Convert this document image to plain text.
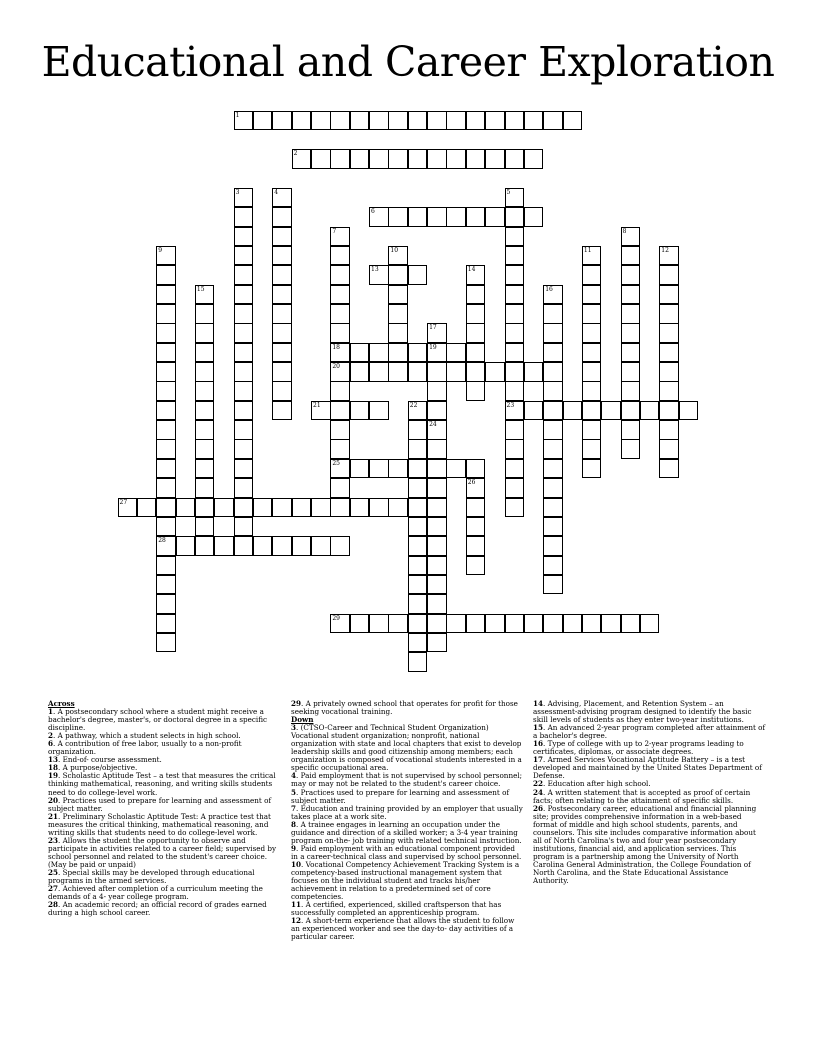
Educational and Career Exploration
1
2
3	4	5
23
6
7
18
20
25
8
9
28
10	11	12
13	14
15	16
17
19
21	22
24
26
27
29
Across
1. A postsecondary school where a student might receive a bachelor's degree, master's, or doctoral degree in a specific discipline.
2. A pathway, which a student selects in high school.
6. A contribution of free labor, usually to a non-profit organization.
13. End-of- course assessment.
18. A purpose/objective.
19. Scholastic Aptitude Test – a test that measures the critical thinking mathematical, reasoning, and writing skills students need to do college-level work.
20. Practices used to prepare for learning and assessment of subject matter.
21. Preliminary Scholastic Aptitude Test: A practice test that measures the critical thinking, mathematical reasoning, and writing skills that students need to do college-level work.
23. Allows the student the opportunity to observe and participate in activities related to a career field; supervised by school personnel and related to the student's career choice. (May be paid or unpaid)
25. Special skills may be developed through educational programs in the armed services.
27. Achieved after completion of a curriculum meeting the demands of a 4- year college program.
28. An academic record; an official record of grades earned during a high school career.
29. A privately owned school that operates for profit for those seeking vocational training.
Down
3. (CTSO-Career and Technical Student Organization) Vocational student organization; nonprofit, national organization with state and local chapters that exist to develop leadership skills and good citizenship among members; each organization is composed of vocational students interested in a specific occupational area.
4. Paid employment that is not supervised by school personnel; may or may not be related to the student's career choice.
5. Practices used to prepare for learning and assessment of subject matter.
7. Education and training provided by an employer that usually takes place at a work site.
8. A trainee engages in learning an occupation under the guidance and direction of a skilled worker; a 3-4 year training program on-the- job training with related technical instruction.
9. Paid employment with an educational component provided in a career-technical class and supervised by school personnel.
10. Vocational Competency Achievement Tracking System is a competency-based instructional management system that focuses on the individual student and tracks his/her achievement in relation to a predetermined set of core competencies.
11. A certified, experienced, skilled craftsperson that has successfully completed an apprenticeship program.
12. A short-term experience that allows the student to follow an experienced worker and see the day-to- day activities of a particular career.
14. Advising, Placement, and Retention System – an assessment-advising program designed to identify the basic skill levels of students as they enter two-year institutions.
15. An advanced 2-year program completed after attainment of a bachelor's degree.
16. Type of college with up to 2-year programs leading to certificates, diplomas, or associate degrees.
17. Armed Services Vocational Aptitude Battery – is a test developed and maintained by the United States Department of Defense.
22. Education after high school.
24. A written statement that is accepted as proof of certain facts; often relating to the attainment of specific skills.
26. Postsecondary career, educational and financial planning site; provides comprehensive information in a web-based format of middle and high school students, parents, and counselors. This site includes comparative information about all of North Carolina's two and four year postsecondary institutions, financial aid, and application services. This program is a partnership among the University of North Carolina General Administration, the College Foundation of North Carolina, and the State Educational Assistance Authority.
